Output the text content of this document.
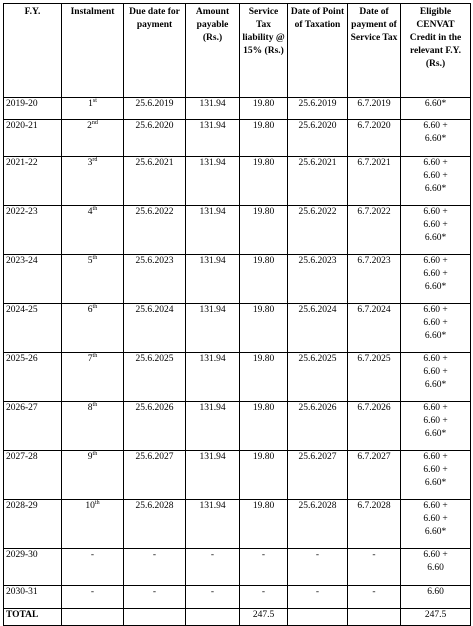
F.Y.	Instalment	Due date for payment	Amount payable (Rs.)	Service Tax liability @ 15% (Rs.)	Date of Point of Taxation	Date of payment of Service Tax	Eligible CENVAT Credit in the relevant F.Y. (Rs.)
2019-20	1st	25.6.2019	131.94	19.80	25.6.2019	6.7.2019	6.60*
2020-21	2nd	25.6.2020	131.94	19.80	25.6.2020	6.7.2020	6.60 +
6.60*
2021-22	3rd	25.6.2021	131.94	19.80	25.6.2021	6.7.2021	6.60 +
6.60 +
6.60*
2022-23	4th	25.6.2022	131.94	19.80	25.6.2022	6.7.2022	6.60 +
6.60 +
6.60*
2023-24	5th	25.6.2023	131.94	19.80	25.6.2023	6.7.2023	6.60 +
6.60 +
6.60*
2024-25	6th	25.6.2024	131.94	19.80	25.6.2024	6.7.2024	6.60 +
6.60 +
6.60*
2025-26	7th	25.6.2025	131.94	19.80	25.6.2025	6.7.2025	6.60 +
6.60 +
6.60*
2026-27	8th	25.6.2026	131.94	19.80	25.6.2026	6.7.2026	6.60 +
6.60 +
6.60*
2027-28	9th	25.6.2027	131.94	19.80	25.6.2027	6.7.2027	6.60 +
6.60 +
6.60*
2028-29	10th	25.6.2028	131.94	19.80	25.6.2028	6.7.2028	6.60 +
6.60 +
6.60*
2029-30	-	-	-	-	-	-	6.60 +
6.60
2030-31	-	-	-	-	-	-	6.60
TOTAL				247.5			247.5
